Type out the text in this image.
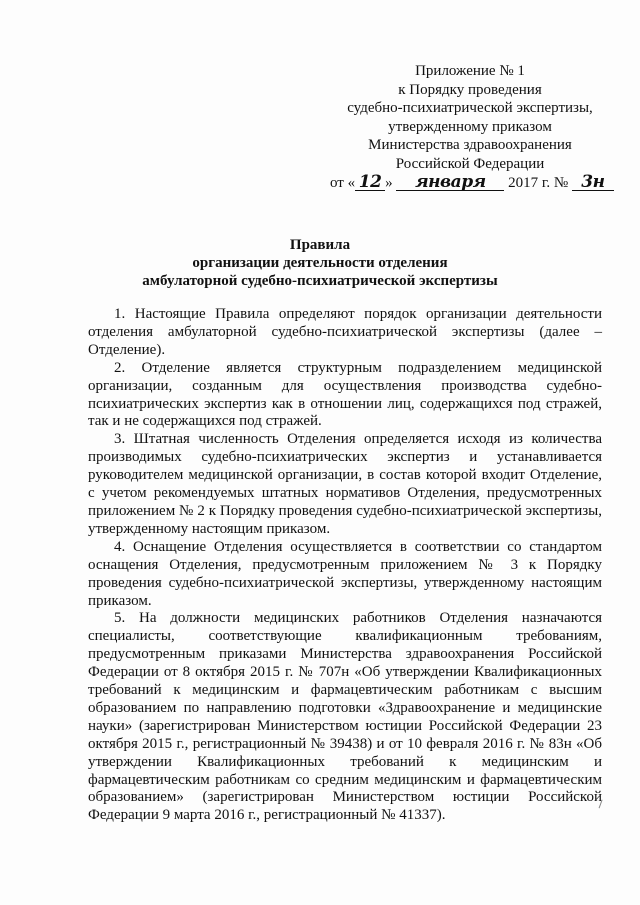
Приложение № 1
к Порядку проведения
судебно-психиатрической экспертизы,
утвержденному приказом
Министерства здравоохранения
Российской Федерации
от « 12 » января 2017 г. № 3н
Правила
организации деятельности отделения
амбулаторной судебно-психиатрической экспертизы

1. Настоящие Правила определяют порядок организации деятельности отделения амбулаторной судебно-психиатрической экспертизы (далее – Отделение).

2. Отделение является структурным подразделением медицинской организации, созданным для осуществления производства судебно-психиатрических экспертиз как в отношении лиц, содержащихся под стражей, так и не содержащихся под стражей.

3. Штатная численность Отделения определяется исходя из количества производимых судебно-психиатрических экспертиз и устанавливается руководителем медицинской организации, в состав которой входит Отделение, с учетом рекомендуемых штатных нормативов Отделения, предусмотренных приложением № 2 к Порядку проведения судебно-психиатрической экспертизы, утвержденному настоящим приказом.

4. Оснащение Отделения осуществляется в соответствии со стандартом оснащения Отделения, предусмотренным приложением № 3 к Порядку проведения судебно-психиатрической экспертизы, утвержденному настоящим приказом.

5. На должности медицинских работников Отделения назначаются специалисты, соответствующие квалификационным требованиям, предусмотренным приказами Министерства здравоохранения Российской Федерации от 8 октября 2015 г. № 707н «Об утверждении Квалификационных требований к медицинским и фармацевтическим работникам с высшим образованием по направлению подготовки «Здравоохранение и медицинские науки» (зарегистрирован Министерством юстиции Российской Федерации 23 октября 2015 г., регистрационный № 39438) и от 10 февраля 2016 г. № 83н «Об утверждении Квалификационных требований к медицинским и фармацевтическим работникам со средним медицинским и фармацевтическим образованием» (зарегистрирован Министерством юстиции Российской Федерации 9 марта 2016 г., регистрационный № 41337).
